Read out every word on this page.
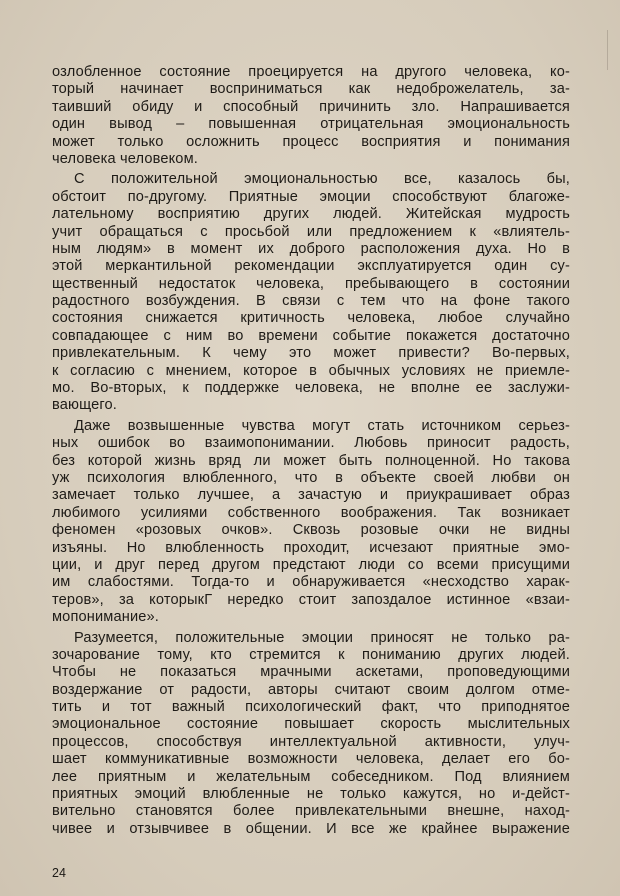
озлобленное состояние проецируется на другого человека, ко-
торый начинает восприниматься как недоброжелатель, за-
таивший обиду и способный причинить зло. Напрашивается
один вывод – повышенная отрицательная эмоциональность
может только осложнить процесс восприятия и понимания
человека человеком.
С положительной эмоциональностью все, казалось бы,
обстоит по-другому. Приятные эмоции способствуют благоже-
лательному восприятию других людей. Житейская мудрость
учит обращаться с просьбой или предложением к «влиятель-
ным людям» в момент их доброго расположения духа. Но в
этой меркантильной рекомендации эксплуатируется один су-
щественный недостаток человека, пребывающего в состоянии
радостного возбуждения. В связи с тем что на фоне такого
состояния снижается критичность человека, любое случайно
совпадающее с ним во времени событие покажется достаточно
привлекательным. К чему это может привести? Во-первых,
к согласию с мнением, которое в обычных условиях не приемле-
мо. Во-вторых, к поддержке человека, не вполне ее заслужи-
вающего.
Даже возвышенные чувства могут стать источником серьез-
ных ошибок во взаимопонимании. Любовь приносит радость,
без которой жизнь вряд ли может быть полноценной. Но такова
уж психология влюбленного, что в объекте своей любви он
замечает только лучшее, а зачастую и приукрашивает образ
любимого усилиями собственного воображения. Так возникает
феномен «розовых очков». Сквозь розовые очки не видны
изъяны. Но влюбленность проходит, исчезают приятные эмо-
ции, и друг перед другом предстают люди со всеми присущими
им слабостями. Тогда-то и обнаруживается «несходство харак-
теров», за которыкГ нередко стоит запоздалое истинное «взаи-
мопонимание».
Разумеется, положительные эмоции приносят не только ра-
зочарование тому, кто стремится к пониманию других людей.
Чтобы не показаться мрачными аскетами, проповедующими
воздержание от радости, авторы считают своим долгом отме-
тить и тот важный психологический факт, что приподнятое
эмоциональное состояние повышает скорость мыслительных
процессов, способствуя интеллектуальной активности, улуч-
шает коммуникативные возможности человека, делает его бо-
лее приятным и желательным собеседником. Под влиянием
приятных эмоций влюбленные не только кажутся, но и-дейст-
вительно становятся более привлекательными внешне, наход-
чивее и отзывчивее в общении. И все же крайнее выражение
24
